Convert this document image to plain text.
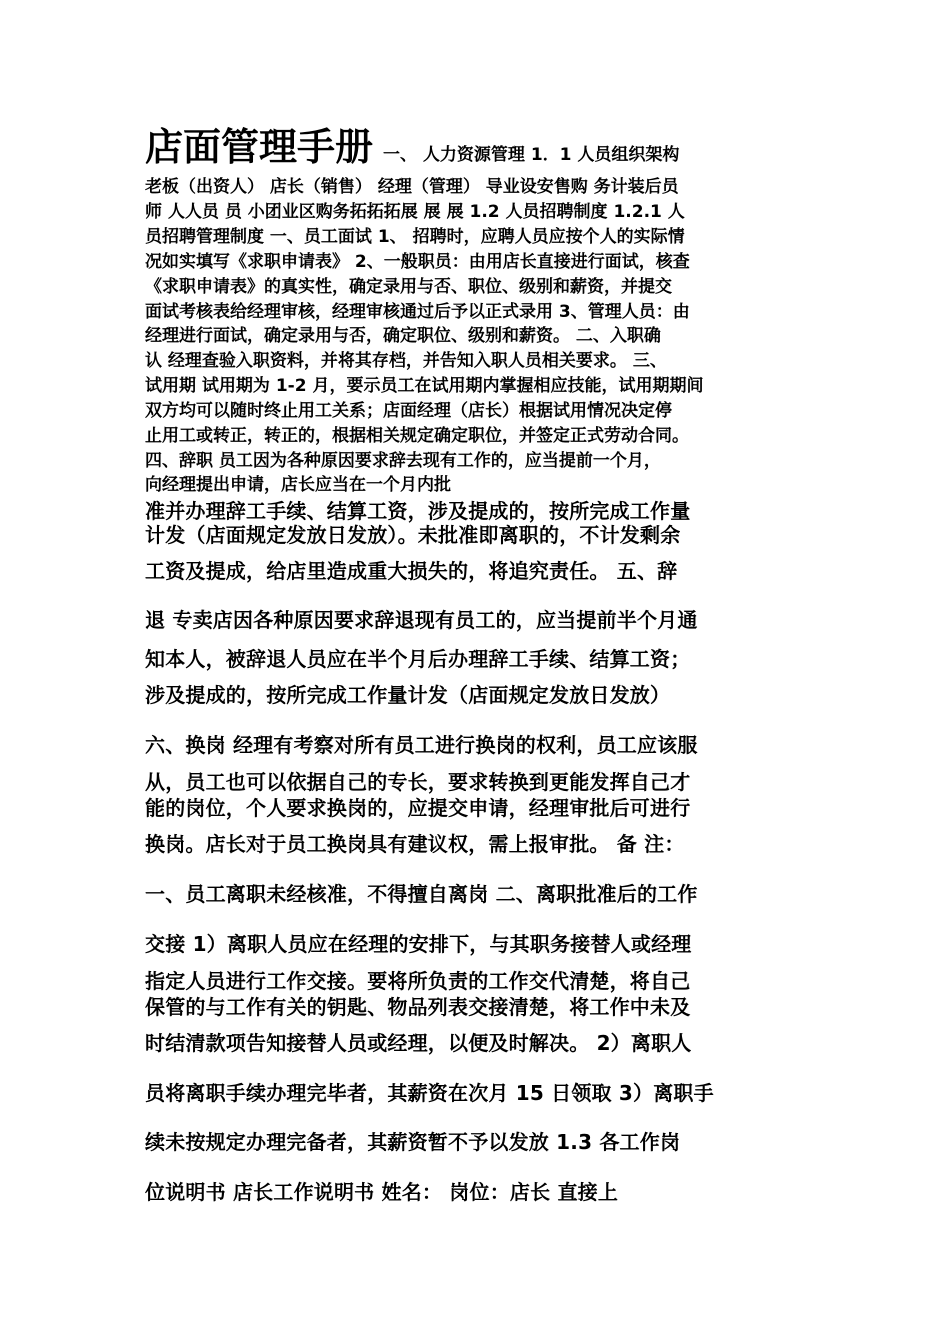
店面管理手册 一、 人力资源管理 1．1 人员组织架构
老板（出资人） 店长（销售） 经理（管理） 导业设安售购 务计装后员
师 人人员 员 小团业区购务拓拓拓展 展 展 1.2 人员招聘制度 1.2.1 人
员招聘管理制度 一、员工面试 1、 招聘时，应聘人员应按个人的实际情
况如实填写《求职申请表》 2、一般职员：由用店长直接进行面试，核查
《求职申请表》的真实性，确定录用与否、职位、级别和薪资，并提交
面试考核表给经理审核，经理审核通过后予以正式录用 3、管理人员：由
经理进行面试，确定录用与否，确定职位、级别和薪资。 二、入职确
认 经理查验入职资料，并将其存档，并告知入职人员相关要求。 三、
试用期 试用期为 1-2 月，要示员工在试用期内掌握相应技能，试用期期间
双方均可以随时终止用工关系；店面经理（店长）根据试用情况决定停
止用工或转正，转正的，根据相关规定确定职位，并签定正式劳动合同。
四、辞职 员工因为各种原因要求辞去现有工作的，应当提前一个月，
向经理提出申请，店长应当在一个月内批
准并办理辞工手续、结算工资，涉及提成的，按所完成工作量
计发（店面规定发放日发放）。未批准即离职的，不计发剩余
工资及提成，给店里造成重大损失的，将追究责任。 五、辞
退 专卖店因各种原因要求辞退现有员工的，应当提前半个月通
知本人，被辞退人员应在半个月后办理辞工手续、结算工资；
涉及提成的，按所完成工作量计发（店面规定发放日发放）
六、换岗 经理有考察对所有员工进行换岗的权利，员工应该服
从，员工也可以依据自己的专长，要求转换到更能发挥自己才
能的岗位，个人要求换岗的，应提交申请，经理审批后可进行
换岗。店长对于员工换岗具有建议权，需上报审批。 备 注：
一、员工离职未经核准，不得擅自离岗 二、离职批准后的工作
交接 1）离职人员应在经理的安排下，与其职务接替人或经理
指定人员进行工作交接。要将所负责的工作交代清楚，将自己
保管的与工作有关的钥匙、物品列表交接清楚，将工作中未及
时结清款项告知接替人员或经理，以便及时解决。 2）离职人
员将离职手续办理完毕者，其薪资在次月 15 日领取 3）离职手
续未按规定办理完备者，其薪资暂不予以发放 1.3 各工作岗
位说明书 店长工作说明书 姓名： 岗位：店长 直接上
